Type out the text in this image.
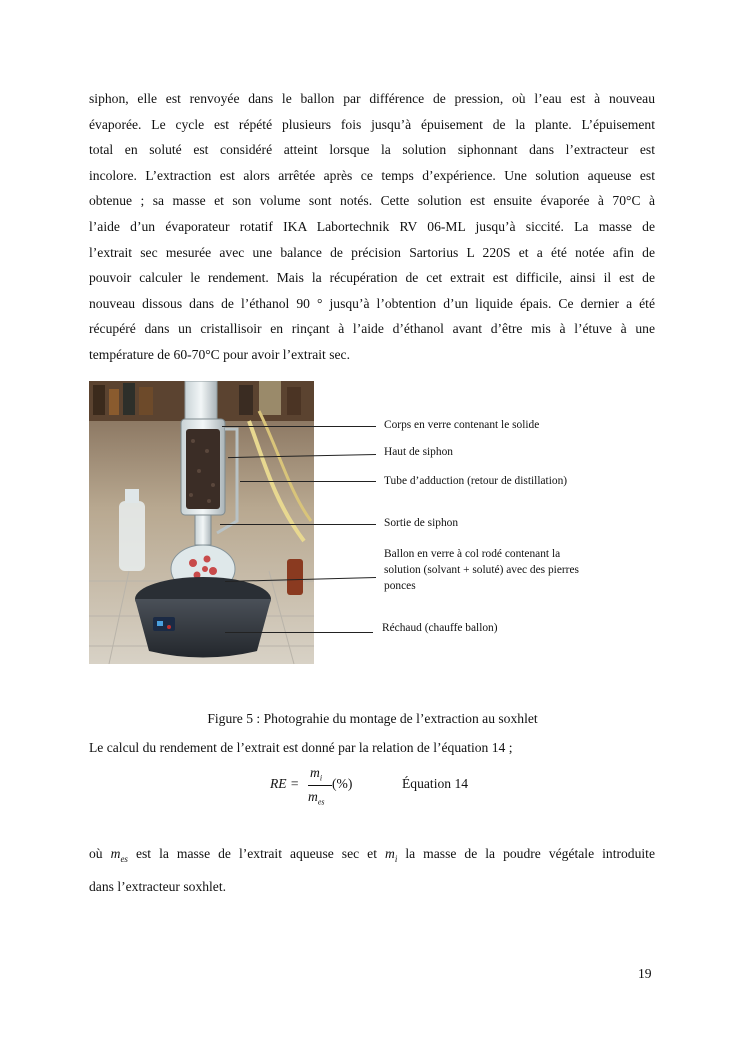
siphon, elle est renvoyée dans le ballon par différence de pression, où l’eau est à nouveau
évaporée. Le cycle est répété plusieurs fois jusqu’à épuisement de la plante. L’épuisement
total en soluté est considéré atteint lorsque la solution siphonnant dans l’extracteur est
incolore. L’extraction est alors arrêtée après ce temps d’expérience. Une solution aqueuse est
obtenue ; sa masse et son volume sont notés. Cette solution est ensuite évaporée à 70°C à
l’aide d’un évaporateur rotatif IKA Labortechnik RV 06-ML jusqu’à siccité. La masse de
l’extrait sec mesurée avec une balance de précision Sartorius L 220S et a été notée afin de
pouvoir calculer le rendement. Mais la récupération de cet extrait est difficile, ainsi il est de
nouveau dissous dans de l’éthanol 90 ° jusqu’à l’obtention d’un liquide épais. Ce dernier a été
récupéré dans un cristallisoir en rinçant à l’aide d’éthanol avant d’être mis à l’étuve à une
température de 60-70°C pour avoir l’extrait sec.
Corps en verre contenant le solide
Haut de siphon
Tube d’adduction (retour de distillation)
Sortie de siphon
Ballon en verre à col rodé contenant la
solution (solvant + soluté) avec des pierres
ponces
Réchaud (chauffe ballon)
Figure 5 : Photograhie du montage de l’extraction au soxhlet
Le calcul du rendement de l’extrait est donné par la relation de l’équation 14 ;
RE =
$m_i$
$m_{es}$
(%)	Équation 14
où $m_{es}$ est la masse de l’extrait aqueuse sec et $m_i$ la masse de la poudre végétale introduite
dans l’extracteur soxhlet.
19
